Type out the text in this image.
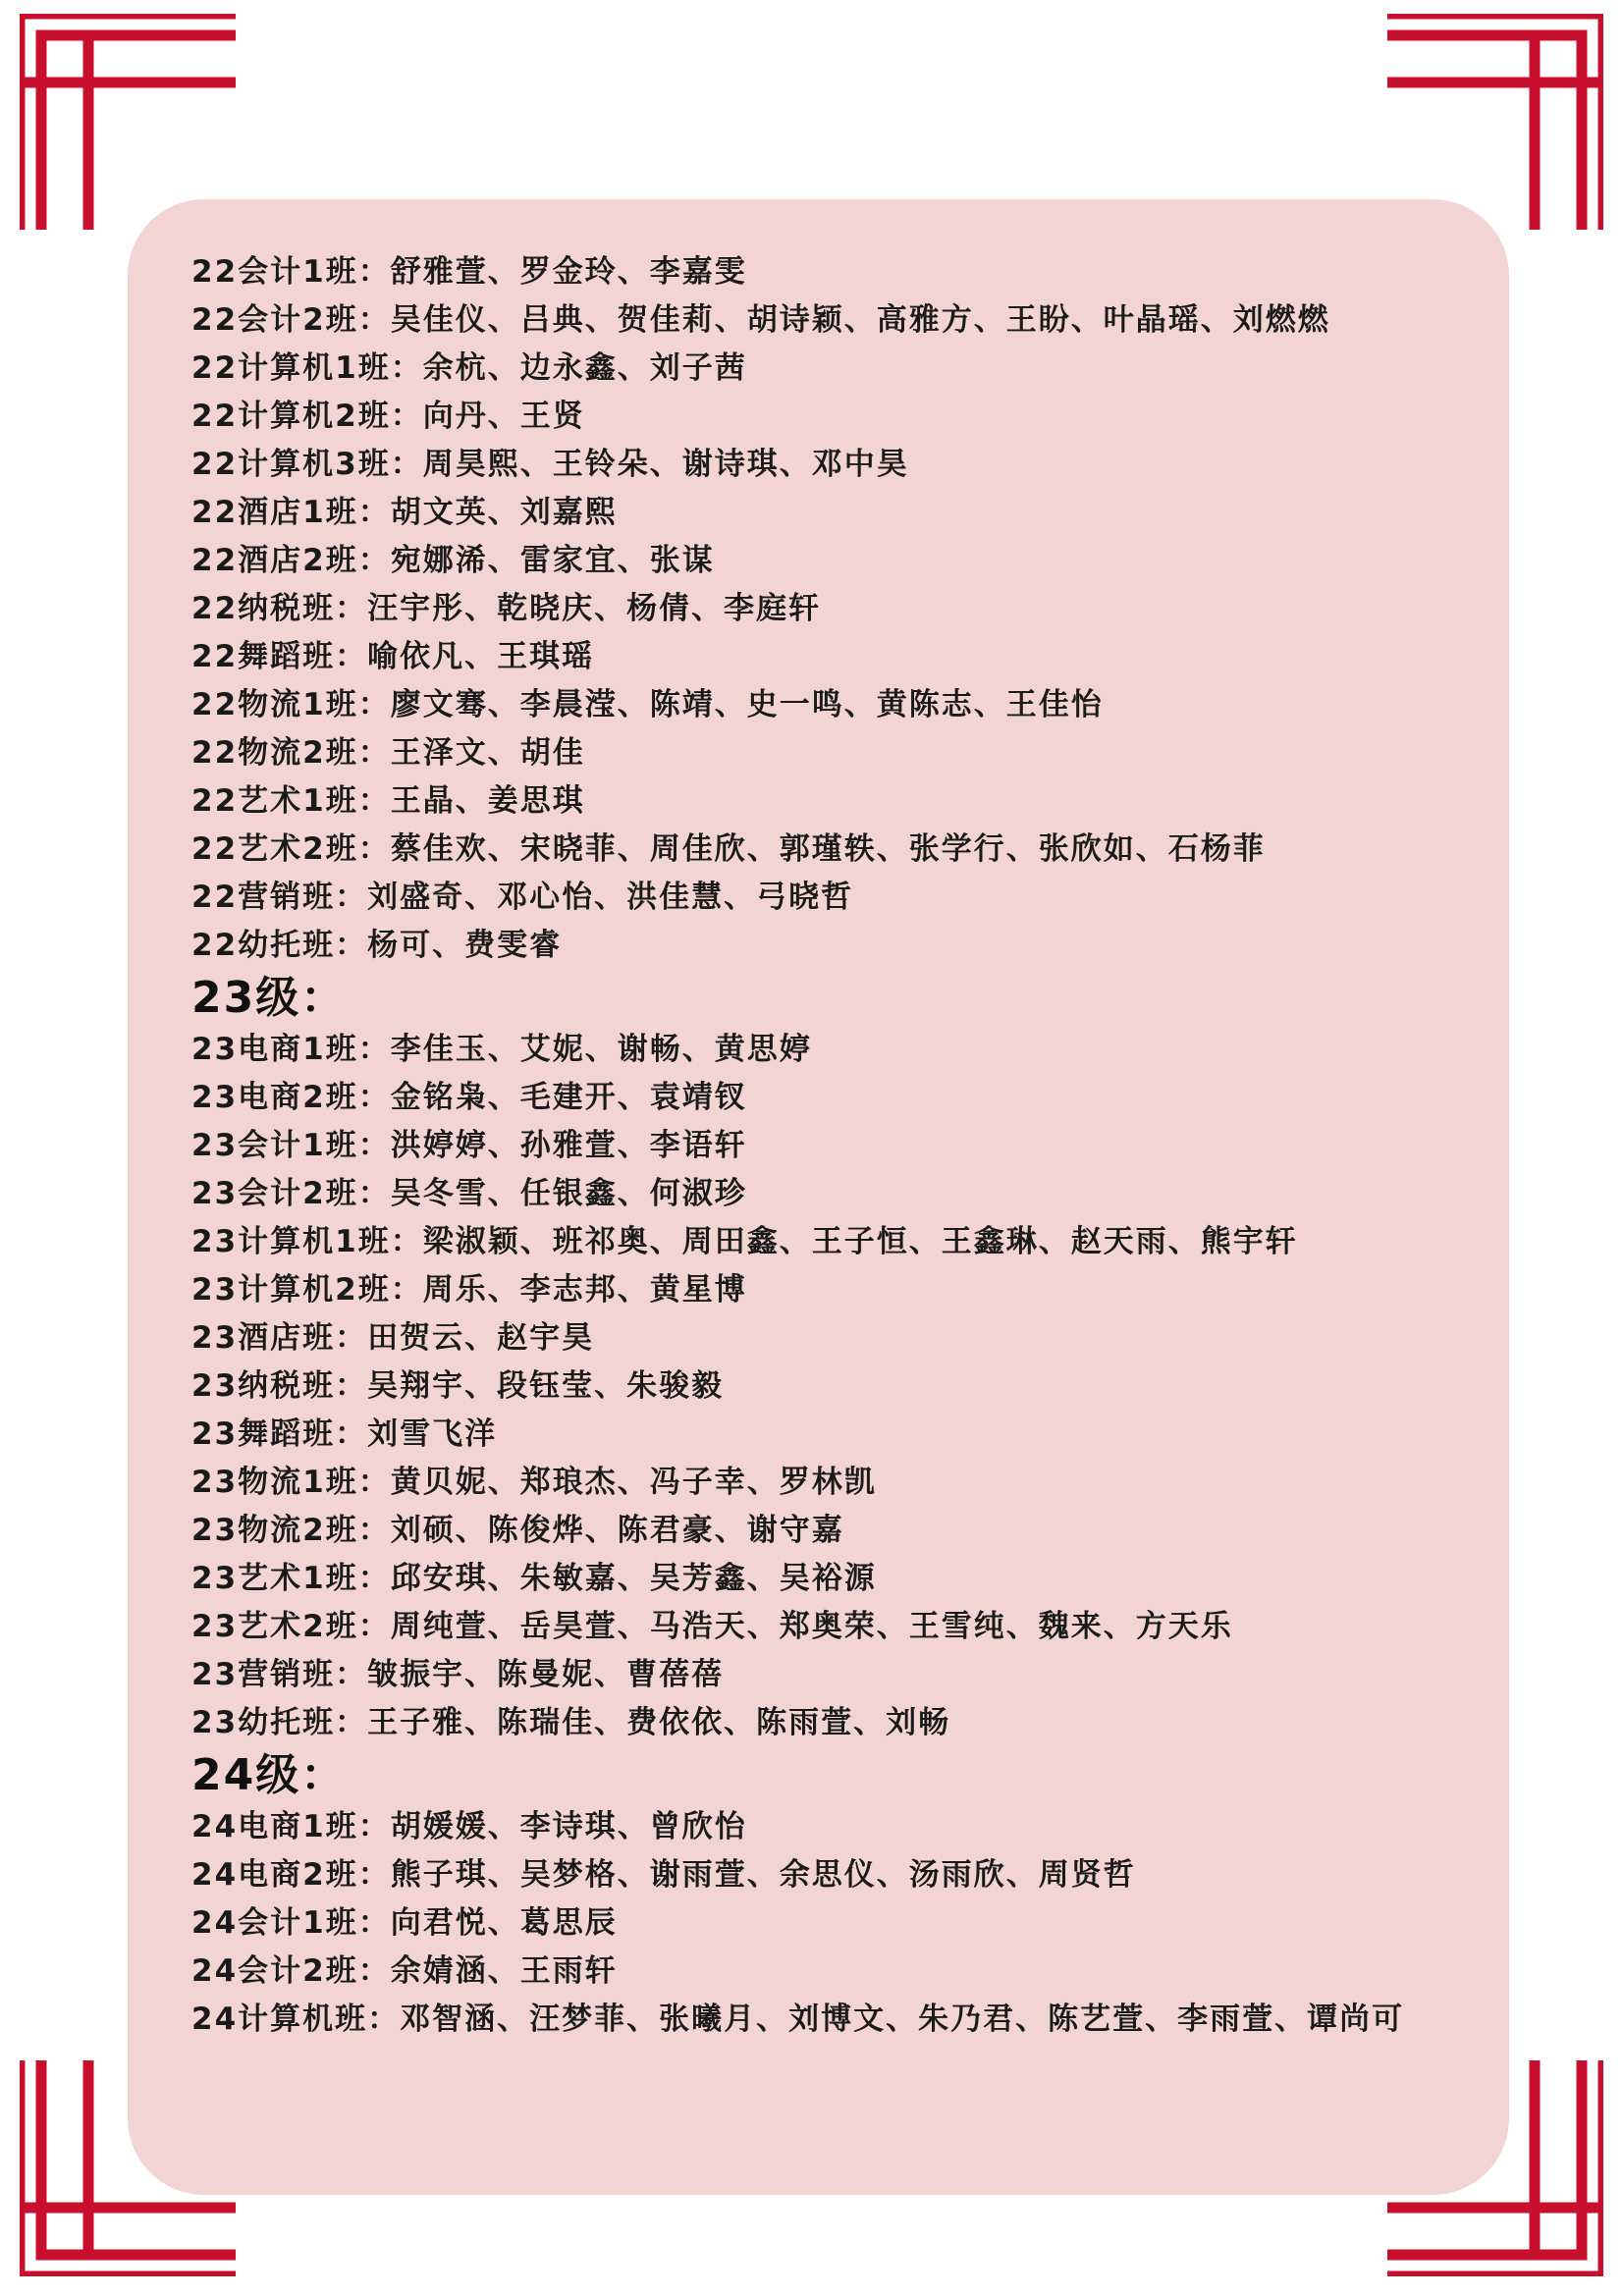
22会计1班：舒雅萱、罗金玲、李嘉雯
22会计2班：吴佳仪、吕典、贺佳莉、胡诗颖、高雅方、王盼、叶晶瑶、刘燃燃
22计算机1班：余杭、边永鑫、刘子茜
22计算机2班：向丹、王贤
22计算机3班：周昊熙、王铃朵、谢诗琪、邓中昊
22酒店1班：胡文英、刘嘉熙
22酒店2班：宛娜浠、雷家宜、张谋
22纳税班：汪宇彤、乾晓庆、杨倩、李庭轩
22舞蹈班：喻依凡、王琪瑶
22物流1班：廖文骞、李晨滢、陈靖、史一鸣、黄陈志、王佳怡
22物流2班：王泽文、胡佳
22艺术1班：王晶、姜思琪
22艺术2班：蔡佳欢、宋晓菲、周佳欣、郭瑾轶、张学行、张欣如、石杨菲
22营销班：刘盛奇、邓心怡、洪佳慧、弓晓哲
22幼托班：杨可、费雯睿
23级：
23电商1班：李佳玉、艾妮、谢畅、黄思婷
23电商2班：金铭枭、毛建开、袁靖钗
23会计1班：洪婷婷、孙雅萱、李语轩
23会计2班：吴冬雪、任银鑫、何淑珍
23计算机1班：梁淑颖、班祁奥、周田鑫、王子恒、王鑫琳、赵天雨、熊宇轩
23计算机2班：周乐、李志邦、黄星博
23酒店班：田贺云、赵宇昊
23纳税班：吴翔宇、段钰莹、朱骏毅
23舞蹈班：刘雪飞洋
23物流1班：黄贝妮、郑琅杰、冯子幸、罗林凯
23物流2班：刘硕、陈俊烨、陈君豪、谢守嘉
23艺术1班：邱安琪、朱敏嘉、吴芳鑫、吴裕源
23艺术2班：周纯萱、岳昊萱、马浩天、郑奥荣、王雪纯、魏来、方天乐
23营销班：皱振宇、陈曼妮、曹蓓蓓
23幼托班：王子雅、陈瑞佳、费依依、陈雨萱、刘畅
24级：
24电商1班：胡媛媛、李诗琪、曾欣怡
24电商2班：熊子琪、吴梦格、谢雨萱、余思仪、汤雨欣、周贤哲
24会计1班：向君悦、葛思辰
24会计2班：余婧涵、王雨轩
24计算机班：邓智涵、汪梦菲、张曦月、刘博文、朱乃君、陈艺萱、李雨萱、谭尚可
